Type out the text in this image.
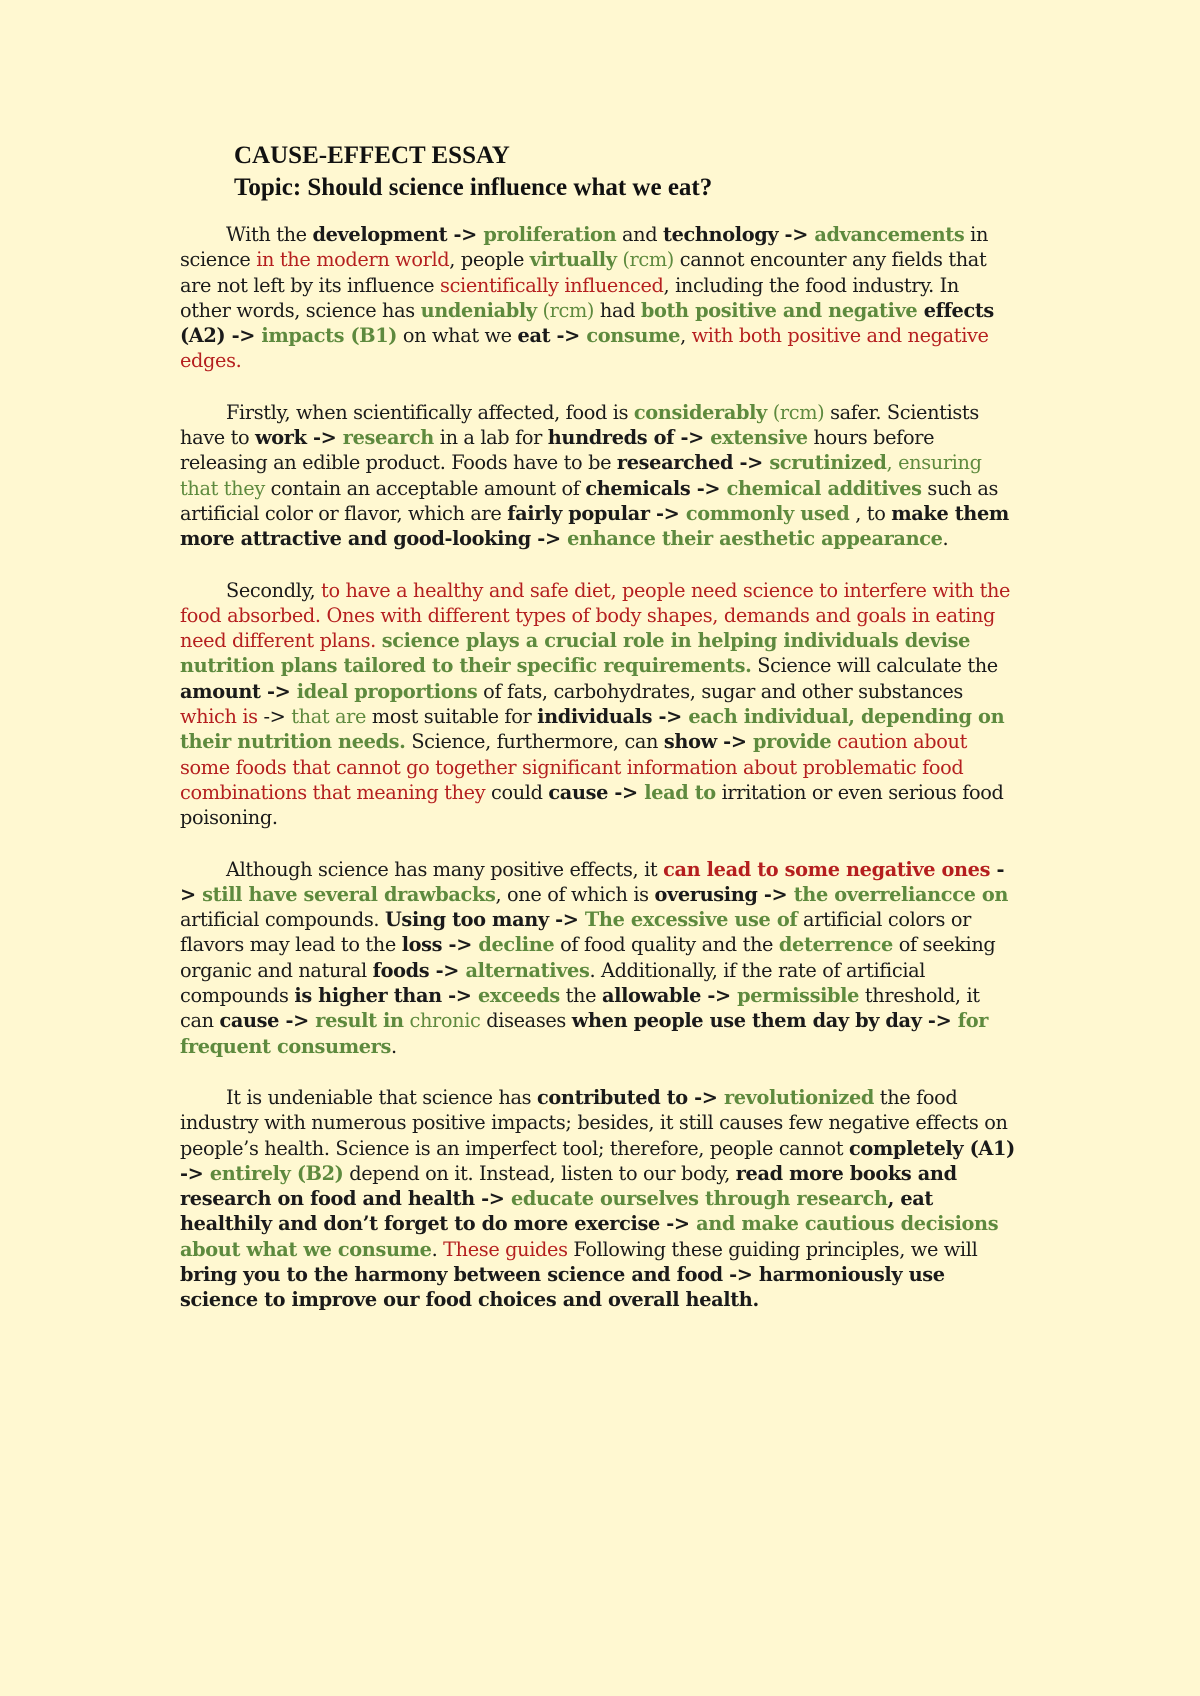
CAUSE-EFFECT ESSAY
Topic: Should science influence what we eat?

With the development -> proliferation and technology -> advancements in science in the modern world, people virtually (rcm) cannot encounter any fields that are not left by its influence scientifically influenced, including the food industry. In other words, science has undeniably (rcm) had both positive and negative effects (A2) -> impacts (B1) on what we eat -> consume, with both positive and negative edges.

Firstly, when scientifically affected, food is considerably (rcm) safer. Scientists have to work -> research in a lab for hundreds of -> extensive hours before releasing an edible product. Foods have to be researched -> scrutinized, ensuring that they contain an acceptable amount of chemicals -> chemical additives such as artificial color or flavor, which are fairly popular -> commonly used , to make them more attractive and good-looking -> enhance their aesthetic appearance.

Secondly, to have a healthy and safe diet, people need science to interfere with the food absorbed. Ones with different types of body shapes, demands and goals in eating need different plans. science plays a crucial role in helping individuals devise nutrition plans tailored to their specific requirements. Science will calculate the amount -> ideal proportions of fats, carbohydrates, sugar and other substances which is -> that are most suitable for individuals -> each individual, depending on their nutrition needs. Science, furthermore, can show -> provide caution about some foods that cannot go together significant information about problematic food combinations that meaning they could cause -> lead to irritation or even serious food poisoning.

Although science has many positive effects, it can lead to some negative ones -> still have several drawbacks, one of which is overusing -> the overreliancce on artificial compounds. Using too many -> The excessive use of artificial colors or flavors may lead to the loss -> decline of food quality and the deterrence of seeking organic and natural foods -> alternatives. Additionally, if the rate of artificial compounds is higher than -> exceeds the allowable -> permissible threshold, it can cause -> result in chronic diseases when people use them day by day -> for frequent consumers.

It is undeniable that science has contributed to -> revolutionized the food industry with numerous positive impacts; besides, it still causes few negative effects on people’s health. Science is an imperfect tool; therefore, people cannot completely (A1) -> entirely (B2) depend on it. Instead, listen to our body, read more books and research on food and health -> educate ourselves through research, eat healthily and don’t forget to do more exercise -> and make cautious decisions about what we consume. These guides Following these guiding principles, we will bring you to the harmony between science and food -> harmoniously use science to improve our food choices and overall health.
